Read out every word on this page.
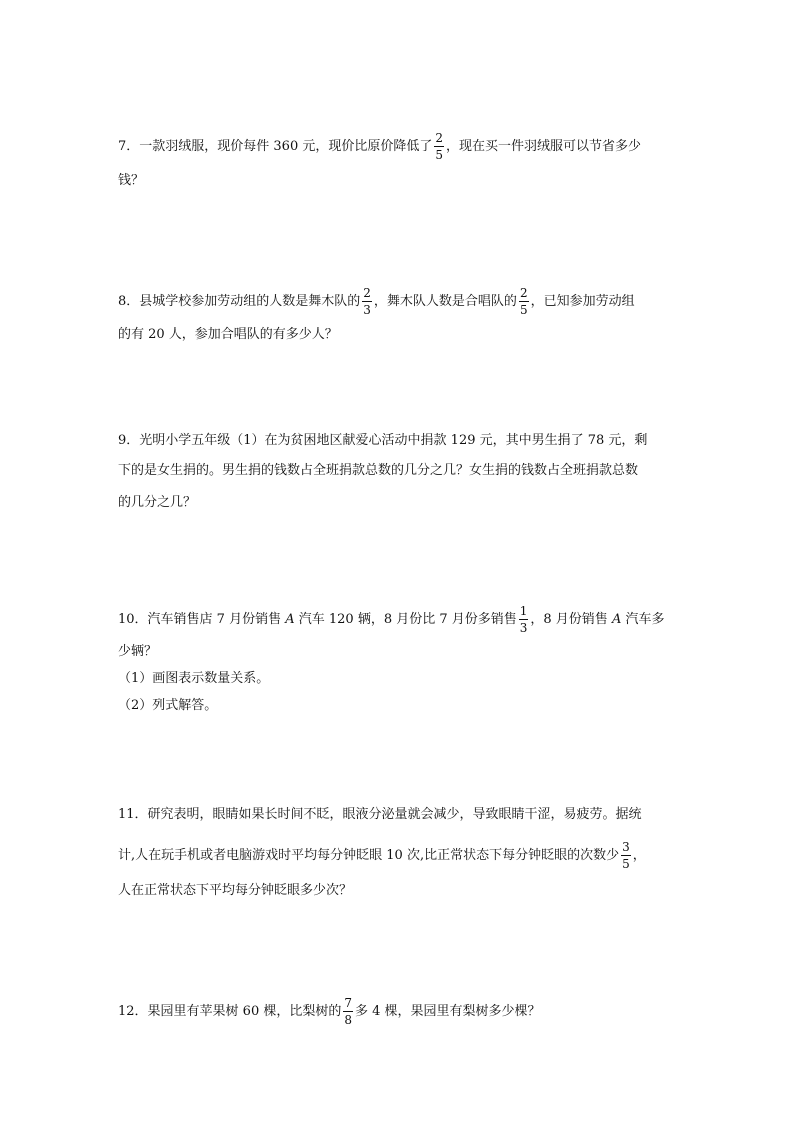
7．一款羽绒服，现价每件 360 元，现价比原价降低了 $\frac{2}{5}$ ，现在买一件羽绒服可以节省多少
钱？
8．县城学校参加劳动组的人数是舞木队的 $\frac{2}{3}$ ，舞木队人数是合唱队的 $\frac{2}{5}$ ，已知参加劳动组
的有 20 人，参加合唱队的有多少人？
9．光明小学五年级（1）在为贫困地区献爱心活动中捐款 129 元，其中男生捐了 78 元，剩
下的是女生捐的。男生捐的钱数占全班捐款总数的几分之几？女生捐的钱数占全班捐款总数
的几分之几？
10．汽车销售店 7 月份销售 A 汽车 120 辆，8 月份比 7 月份多销售 $\frac{1}{3}$ ，8 月份销售 A 汽车多
少辆？
（1）画图表示数量关系。
（2）列式解答。
11．研究表明，眼睛如果长时间不眨，眼液分泌量就会减少，导致眼睛干涩，易疲劳。据统
计,人在玩手机或者电脑游戏时平均每分钟眨眼 10 次,比正常状态下每分钟眨眼的次数少 $\frac{3}{5}$ ，
人在正常状态下平均每分钟眨眼多少次？
12．果园里有苹果树 60 棵，比梨树的 $\frac{7}{8}$ 多 4 棵，果园里有梨树多少棵？
